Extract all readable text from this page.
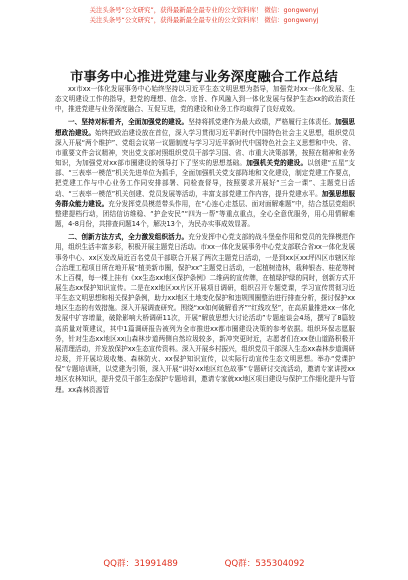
关注头条号“公文研究”，获得最新最全最专业的公文资料库！ 微信：gongwenyj
关注头条号“公文研究”，获得最新最全最专业的公文资料库！ 微信：gongwenyj
市事务中心推进党建与业务深度融合工作总结

xx市xx一体化发展事务中心始终坚持以习近平生态文明思想为指导，加强党对xx一体化发展、生态文明建设工作的指导，把党的理想、信念、宗旨、作风融入到一体化发展与保护生态xx的政治责任中，推进党建与业务深度融合、互促互进，党的建设和业务工作均取得了良好成效。

一、坚持对标看齐，全面加强党的建设。坚持将抓党建作为最大政绩，严格履行主体责任。加强思想政治建设。始终把政治建设放在首位，深入学习贯彻习近平新时代中国特色社会主义思想，组织党员深入开展“两个维护”、党组会议第一议题制度与学习习近平新时代中国特色社会主义思想和中央、省、市重要文件会议精神，突出党支部对照组织党员干部学习国、省、市重大决策部署，按照在精神和业务知识，为加强党对xx部市圈建设的领导打下了坚实的思想基础。加强机关党的建设。以创建“五星”支部、“三表率一模范”机关先进单位为抓手，全面加强机关党支部阵地和文化建设，制定党建工作要点，把党建工作与中心业务工作同安排部署、同检查督导，按照要求开展好“三会一课”、主题党日活动、“三表率一模范”机关创建、党员发展等活动，丰富支部党建工作内容，提升党建水平。加强思想服务群众能力建设。充分发挥党员模范带头作用，在“心连心走基层、面对面解难题”中，结合基层党组织整建提档行动，团结信访维稳、“护企安民”“四为一帮”等重点重点，全心全意优服务，用心用情解难题，4-8月份，共排查问题14个，解决13个，为民办实事成效显著。

二、创新方法方式，全力激发组织活力。充分发挥中心党支部的战斗堡垒作用和党员的先锋模范作用，组织生活丰富多彩，积极开展主题党日活动。市xx一体化发展事务中心党支部联合省xx一体化发展事务中心、xx区发改局近百名党员干部联合开展了两次主题党日活动，一是到xx区xx坪四区市辖区综合治理工程项目所在地开展“植美新市圈，保护xx”主题党日活动，一起植树造林，栽种银杏、桂花等树木上百棵，每一棵上挂有《xx生态xx地区保护条例》二维码的宣传牌，在植绿护绿的同时，创新方式开展生态xx保护知识宣传。二是在xx地区xx片区开展项目调研，组织召开专题党课，学习宣传贯彻习近平生态文明思想和相关保护条例，助力xx地区土地变化保护和违规围圈整治进行排查分析，探讨保护xx地区生态的有效措施。深入开展调查研究。围绕“xx如何破解看齐”“红线攻坚”，在高质量推进xx一体化发展中扩容增量，破除影响大桥调研11次，开展“解放思想大讨论活动”专题座谈会4场，撰写了8篇较高质量对策建议，其中1篇调研报告被列为全市推进xx都市圈建设决策的参考依据。组织环保志愿服务，针对生态xx地区xx山森林步道两侧自然垃圾较多，新冲突更时近，志愿者们在xx登山道路积极开展清理活动，并发放保护xx生态宣传资料。深入开展乡村振兴，组织党员干部深入生态xx森林步道调研垃圾，并开展垃圾收集、森林防火、xx保护知识宣传，以实际行动宣传生态文明思想。举办“党课护保”专题培训班，以党建为引领，深入开展“讲好xx地区红色故事”专题研讨交流活动，邀请专家讲授xx地区农林知识，提升党员干部生态保护专题培训，邀请专家就xx地区项目建设与保护工作细化提升与管理。xx森林资源管

QQ群：31991489	QQ群：535304092
